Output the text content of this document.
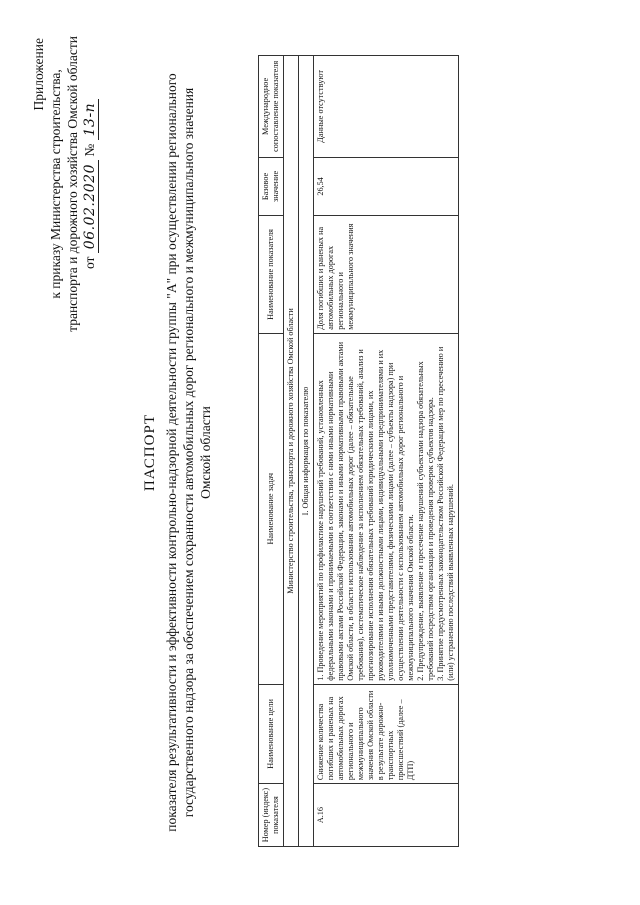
Приложение к приказу Министерства строительства, транспорта и дорожного хозяйства Омской области от 06.02.2020 № 13-п
ПАСПОРТ показателя результативности и эффективности контрольно-надзорной деятельности группы "А" при осуществлении регионального государственного надзора за обеспечением сохранности автомобильных дорог регионального и межмуниципального значения Омской области
Номер (индекс) показателя	Наименование цели	Наименование задач	Наименование показателя	Базовое значение	Международное сопоставление показателя
Министерство строительства, транспорта и дорожного хозяйства Омской области					
I. Общая информация по показателю					
А.16	Снижение количества погибших и раненых на автомобильных дорогах регионального и межмуниципального значения Омской области в результате дорожно-транспортных происшествий (далее – ДТП)	1. Проведение мероприятий по профилактике нарушений требований, установленных федеральными законами и принимаемыми в соответствии с ними иными нормативными правовыми актами Российской Федерации, законами и иными нормативными правовыми актами Омской области, в области использования автомобильных дорог (далее – обязательные требования), систематическое наблюдение за исполнением обязательных требований, анализ и прогнозирование исполнения обязательных требований юридическими лицами, их руководителями и иными должностными лицами, индивидуальными предпринимателями и их уполномоченными представителями, физическими лицами (далее – субъекты надзора) при осуществлении деятельности с использованием автомобильных дорог регионального и межмуниципального значения Омской области. 2. Предупреждение, выявление и пресечение нарушений субъектами надзора обязательных требований посредством организации и проведения проверок субъектов надзора. 3. Принятие предусмотренных законодательством Российской Федерации мер по пресечению и (или) устранению последствий выявленных нарушений.	Доля погибших и раненых на автомобильных дорогах регионального и межмуниципального значения	26,54	Данные отсутствуют
